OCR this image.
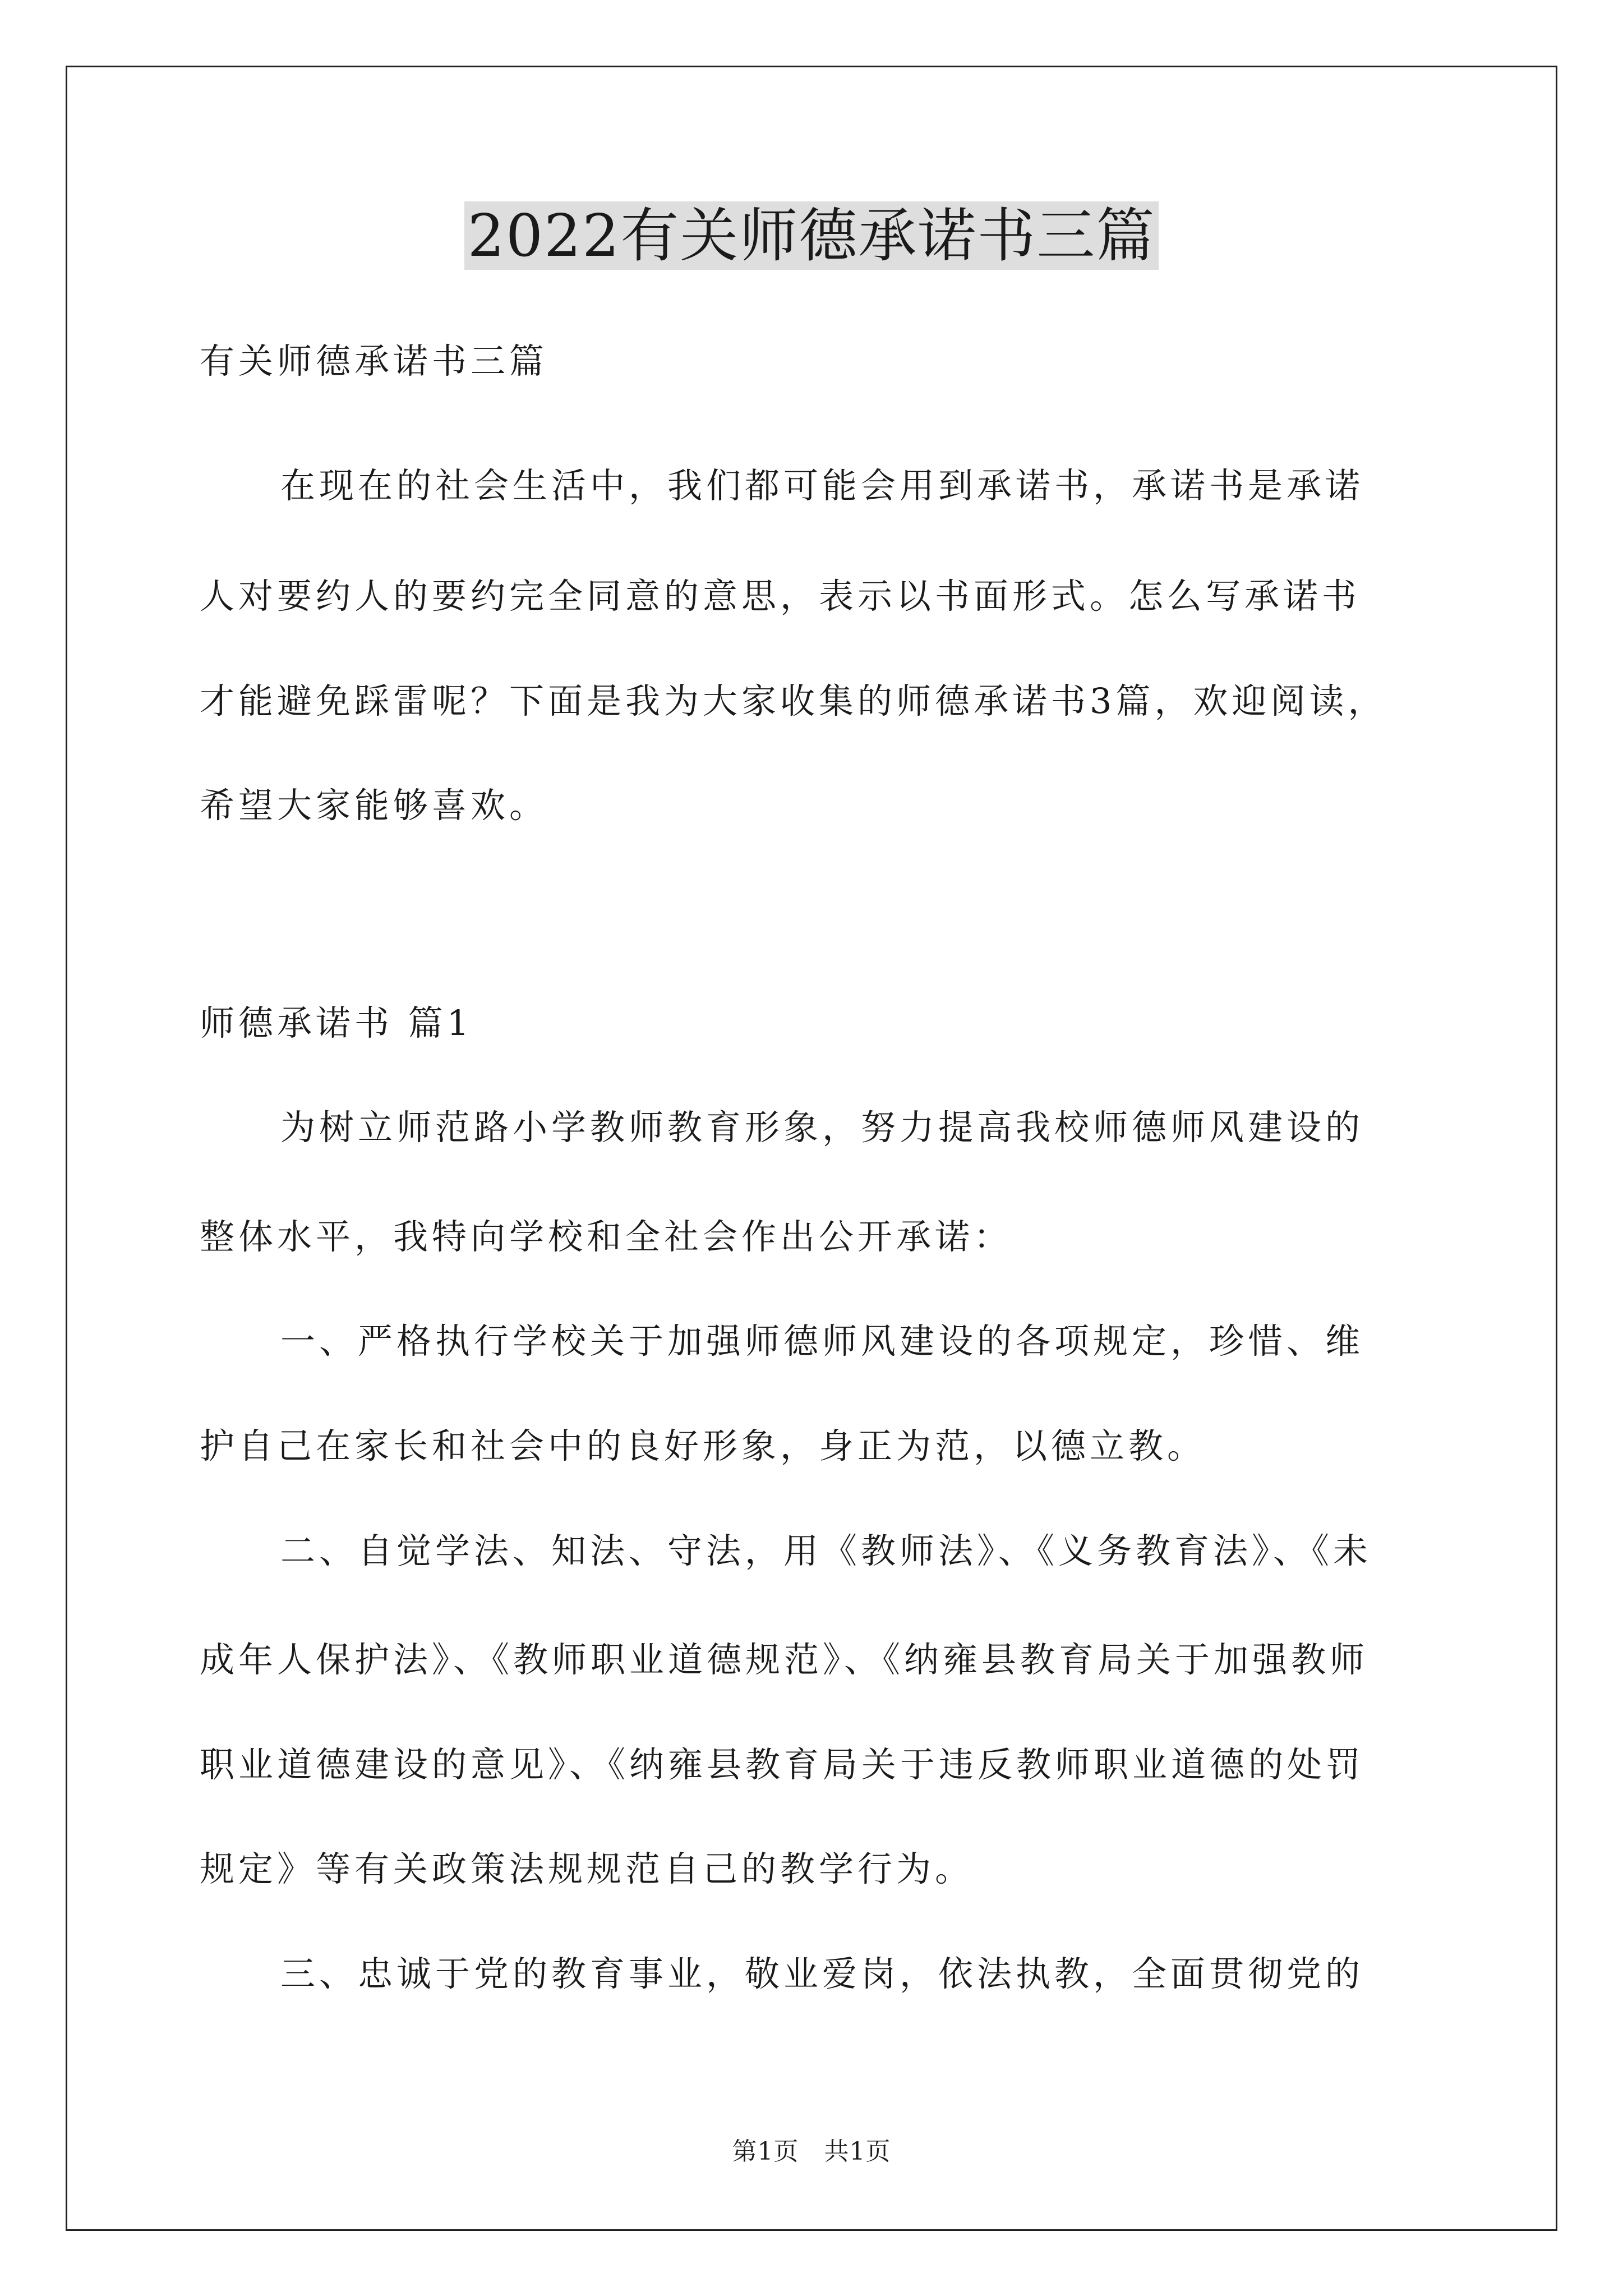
2022有关师德承诺书三篇
有关师德承诺书三篇
在现在的社会生活中，我们都可能会用到承诺书，承诺书是承诺
人对要约人的要约完全同意的意思，表示以书面形式。怎么写承诺书
才能避免踩雷呢？下面是我为大家收集的师德承诺书3篇，欢迎阅读，
希望大家能够喜欢。
师德承诺书 篇1
为树立师范路小学教师教育形象，努力提高我校师德师风建设的
整体水平，我特向学校和全社会作出公开承诺：
一、严格执行学校关于加强师德师风建设的各项规定，珍惜、维
护自己在家长和社会中的良好形象，身正为范，以德立教。
二、自觉学法、知法、守法，用《教师法》、《义务教育法》、《未
成年人保护法》、《教师职业道德规范》、《纳雍县教育局关于加强教师
职业道德建设的意见》、《纳雍县教育局关于违反教师职业道德的处罚
规定》等有关政策法规规范自己的教学行为。
三、忠诚于党的教育事业，敬业爱岗，依法执教，全面贯彻党的
第1页　共1页
